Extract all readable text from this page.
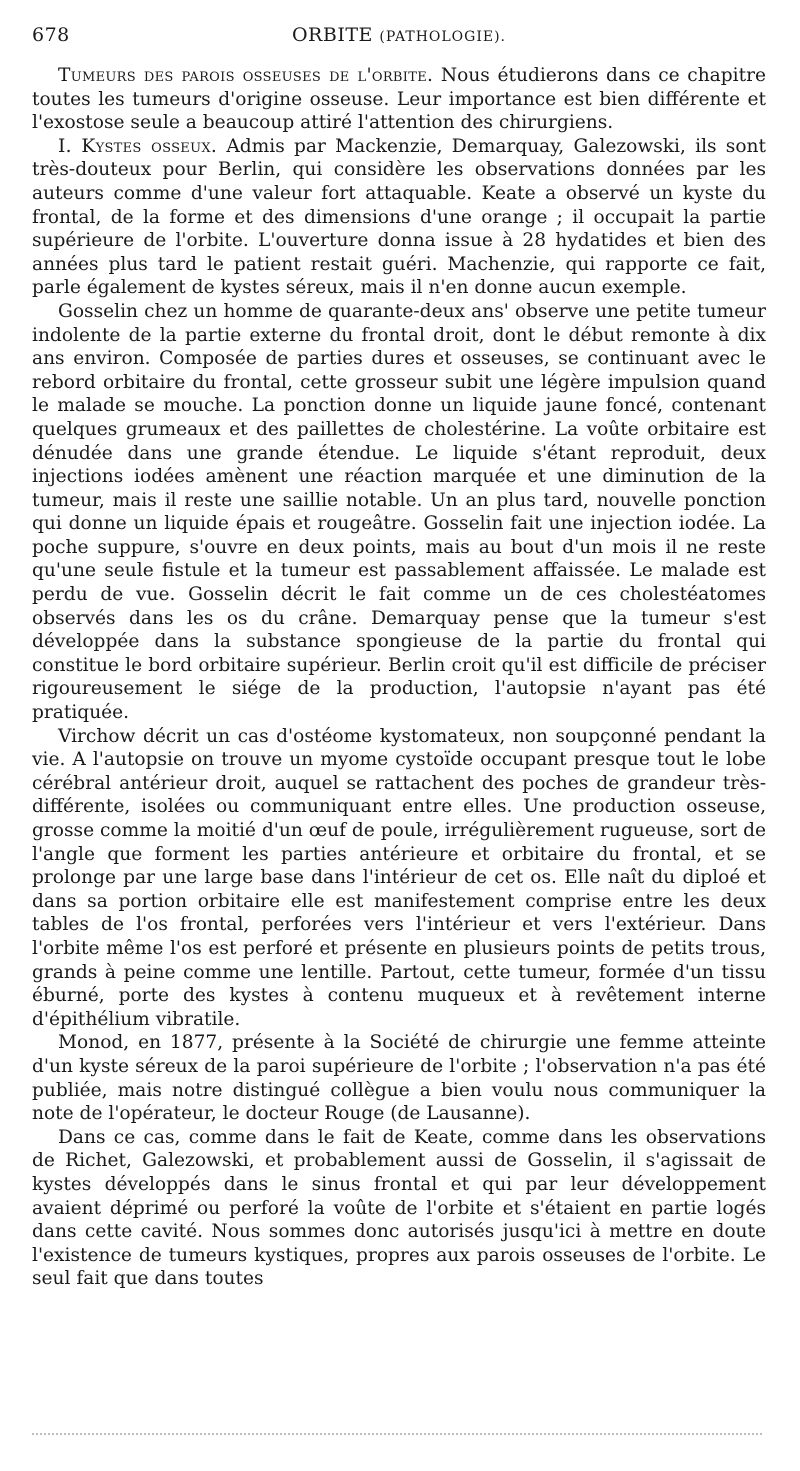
678	ORBITE (PATHOLOGIE).

Tumeurs des parois osseuses de l'orbite. Nous étudierons dans ce chapitre toutes les tumeurs d'origine osseuse. Leur importance est bien différente et l'exostose seule a beaucoup attiré l'attention des chirurgiens.

I. Kystes osseux. Admis par Mackenzie, Demarquay, Galezowski, ils sont très-douteux pour Berlin, qui considère les observations données par les auteurs comme d'une valeur fort attaquable. Keate a observé un kyste du frontal, de la forme et des dimensions d'une orange ; il occupait la partie supérieure de l'orbite. L'ouverture donna issue à 28 hydatides et bien des années plus tard le patient restait guéri. Machenzie, qui rapporte ce fait, parle également de kystes séreux, mais il n'en donne aucun exemple.

Gosselin chez un homme de quarante-deux ans' observe une petite tumeur indolente de la partie externe du frontal droit, dont le début remonte à dix ans environ. Composée de parties dures et osseuses, se continuant avec le rebord orbitaire du frontal, cette grosseur subit une légère impulsion quand le malade se mouche. La ponction donne un liquide jaune foncé, contenant quelques grumeaux et des paillettes de cholestérine. La voûte orbitaire est dénudée dans une grande étendue. Le liquide s'étant reproduit, deux injections iodées amènent une réaction marquée et une diminution de la tumeur, mais il reste une saillie notable. Un an plus tard, nouvelle ponction qui donne un liquide épais et rougeâtre. Gosselin fait une injection iodée. La poche suppure, s'ouvre en deux points, mais au bout d'un mois il ne reste qu'une seule fistule et la tumeur est passablement affaissée. Le malade est perdu de vue. Gosselin décrit le fait comme un de ces cholestéatomes observés dans les os du crâne. Demarquay pense que la tumeur s'est développée dans la substance spongieuse de la partie du frontal qui constitue le bord orbitaire supérieur. Berlin croit qu'il est difficile de préciser rigoureusement le siége de la production, l'autopsie n'ayant pas été pratiquée.

Virchow décrit un cas d'ostéome kystomateux, non soupçonné pendant la vie. A l'autopsie on trouve un myome cystoïde occupant presque tout le lobe cérébral antérieur droit, auquel se rattachent des poches de grandeur très-différente, isolées ou communiquant entre elles. Une production osseuse, grosse comme la moitié d'un œuf de poule, irrégulièrement rugueuse, sort de l'angle que forment les parties antérieure et orbitaire du frontal, et se prolonge par une large base dans l'intérieur de cet os. Elle naît du diploé et dans sa portion orbitaire elle est manifestement comprise entre les deux tables de l'os frontal, perforées vers l'intérieur et vers l'extérieur. Dans l'orbite même l'os est perforé et présente en plusieurs points de petits trous, grands à peine comme une lentille. Partout, cette tumeur, formée d'un tissu éburné, porte des kystes à contenu muqueux et à revêtement interne d'épithélium vibratile.

Monod, en 1877, présente à la Société de chirurgie une femme atteinte d'un kyste séreux de la paroi supérieure de l'orbite ; l'observation n'a pas été publiée, mais notre distingué collègue a bien voulu nous communiquer la note de l'opérateur, le docteur Rouge (de Lausanne).

Dans ce cas, comme dans le fait de Keate, comme dans les observations de Richet, Galezowski, et probablement aussi de Gosselin, il s'agissait de kystes développés dans le sinus frontal et qui par leur développement avaient déprimé ou perforé la voûte de l'orbite et s'étaient en partie logés dans cette cavité. Nous sommes donc autorisés jusqu'ici à mettre en doute l'existence de tumeurs kystiques, propres aux parois osseuses de l'orbite. Le seul fait que dans toutes
